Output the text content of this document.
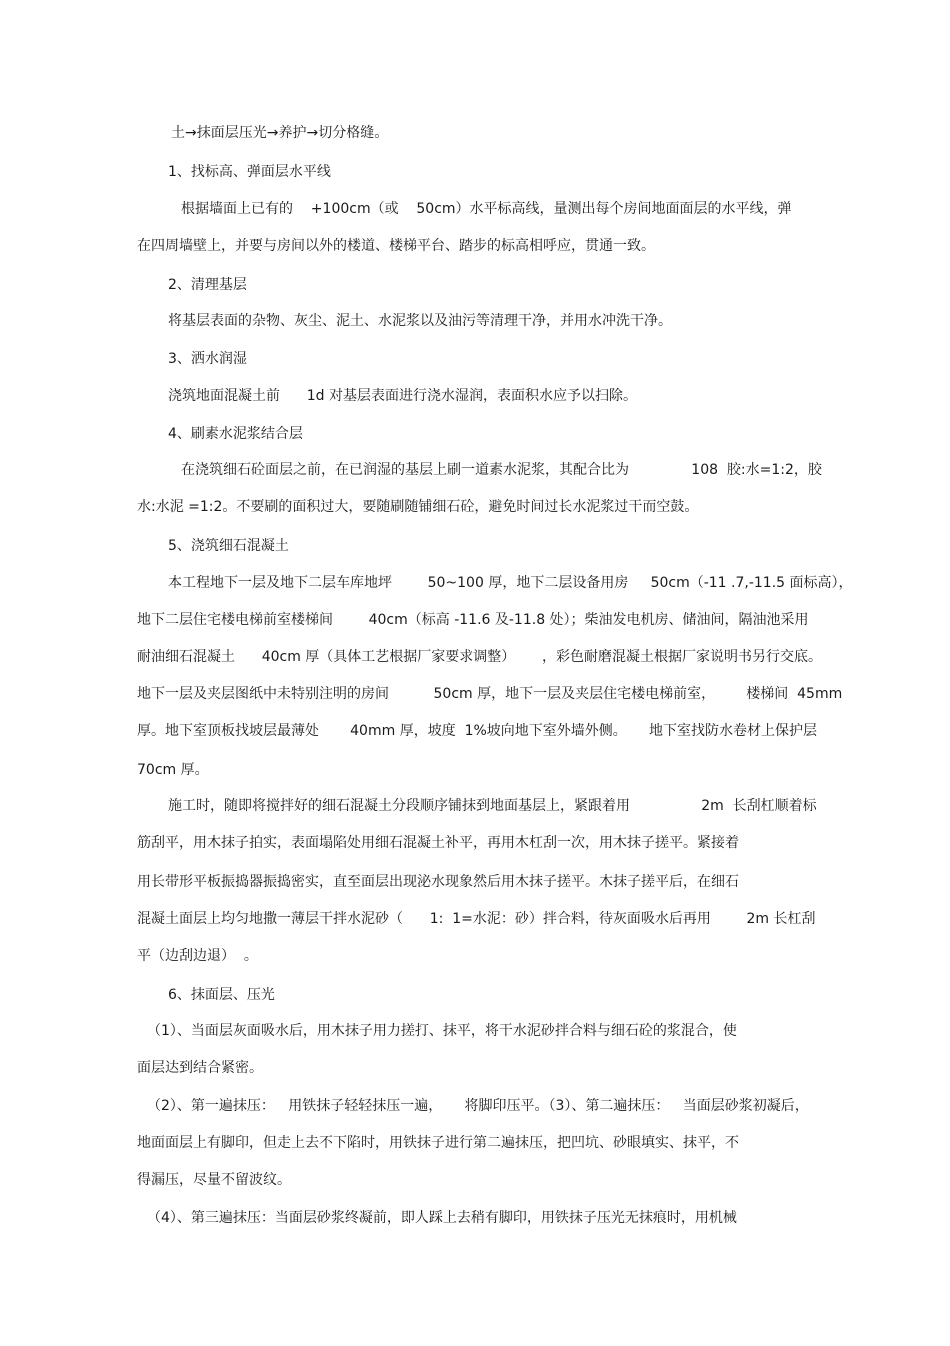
土→抹面层压光→养护→切分格缝。

1、找标高、弹面层水平线

根据墙面上已有的    +100cm（或    50cm）水平标高线，量测出每个房间地面面层的水平线，弹

在四周墙壁上，并要与房间以外的楼道、楼梯平台、踏步的标高相呼应，贯通一致。

2、清理基层

将基层表面的杂物、灰尘、泥土、水泥浆以及油污等清理干净，并用水冲洗干净。

3、洒水润湿

浇筑地面混凝土前      1d 对基层表面进行浇水湿润，表面积水应予以扫除。

4、刷素水泥浆结合层

在浇筑细石砼面层之前，在已润湿的基层上刷一道素水泥浆，其配合比为              108  胶:水=1:2，胶

水:水泥 =1:2。不要刷的面积过大，要随刷随铺细石砼，避免时间过长水泥浆过干而空鼓。

5、浇筑细石混凝土

本工程地下一层及地下二层车库地坪        50~100 厚，地下二层设备用房     50cm（-11 .7,-11.5 面标高），

地下二层住宅楼电梯前室楼梯间        40cm（标高 -11.6 及-11.8 处）；柴油发电机房、储油间，隔油池采用

耐油细石混凝土      40cm 厚（具体工艺根据厂家要求调整）      ，彩色耐磨混凝土根据厂家说明书另行交底。

地下一层及夹层图纸中未特别注明的房间          50cm 厚，地下一层及夹层住宅楼电梯前室，       楼梯间  45mm

厚。地下室顶板找坡层最薄处       40mm 厚，坡度  1%坡向地下室外墙外侧。     地下室找防水卷材上保护层

70cm 厚。

施工时，随即将搅拌好的细石混凝土分段顺序铺抹到地面基层上，紧跟着用                2m  长刮杠顺着标

筋刮平，用木抹子拍实，表面塌陷处用细石混凝土补平，再用木杠刮一次，用木抹子搓平。紧接着

用长带形平板振捣器振捣密实，直至面层出现泌水现象然后用木抹子搓平。木抹子搓平后，在细石

混凝土面层上均匀地撒一薄层干拌水泥砂（      1:  1=水泥：砂）拌合料，待灰面吸水后再用        2m 长杠刮

平（边刮边退）  。

6、抹面层、压光

（1）、当面层灰面吸水后，用木抹子用力搓打、抹平，将干水泥砂拌合料与细石砼的浆混合，使

面层达到结合紧密。

（2）、第一遍抹压：   用铁抹子轻轻抹压一遍，     将脚印压平。（3）、第二遍抹压：   当面层砂浆初凝后，

地面面层上有脚印，但走上去不下陷时，用铁抹子进行第二遍抹压，把凹坑、砂眼填实、抹平，不

得漏压，尽量不留波纹。

（4）、第三遍抹压：当面层砂浆终凝前，即人踩上去稍有脚印，用铁抹子压光无抹痕时，用机械
